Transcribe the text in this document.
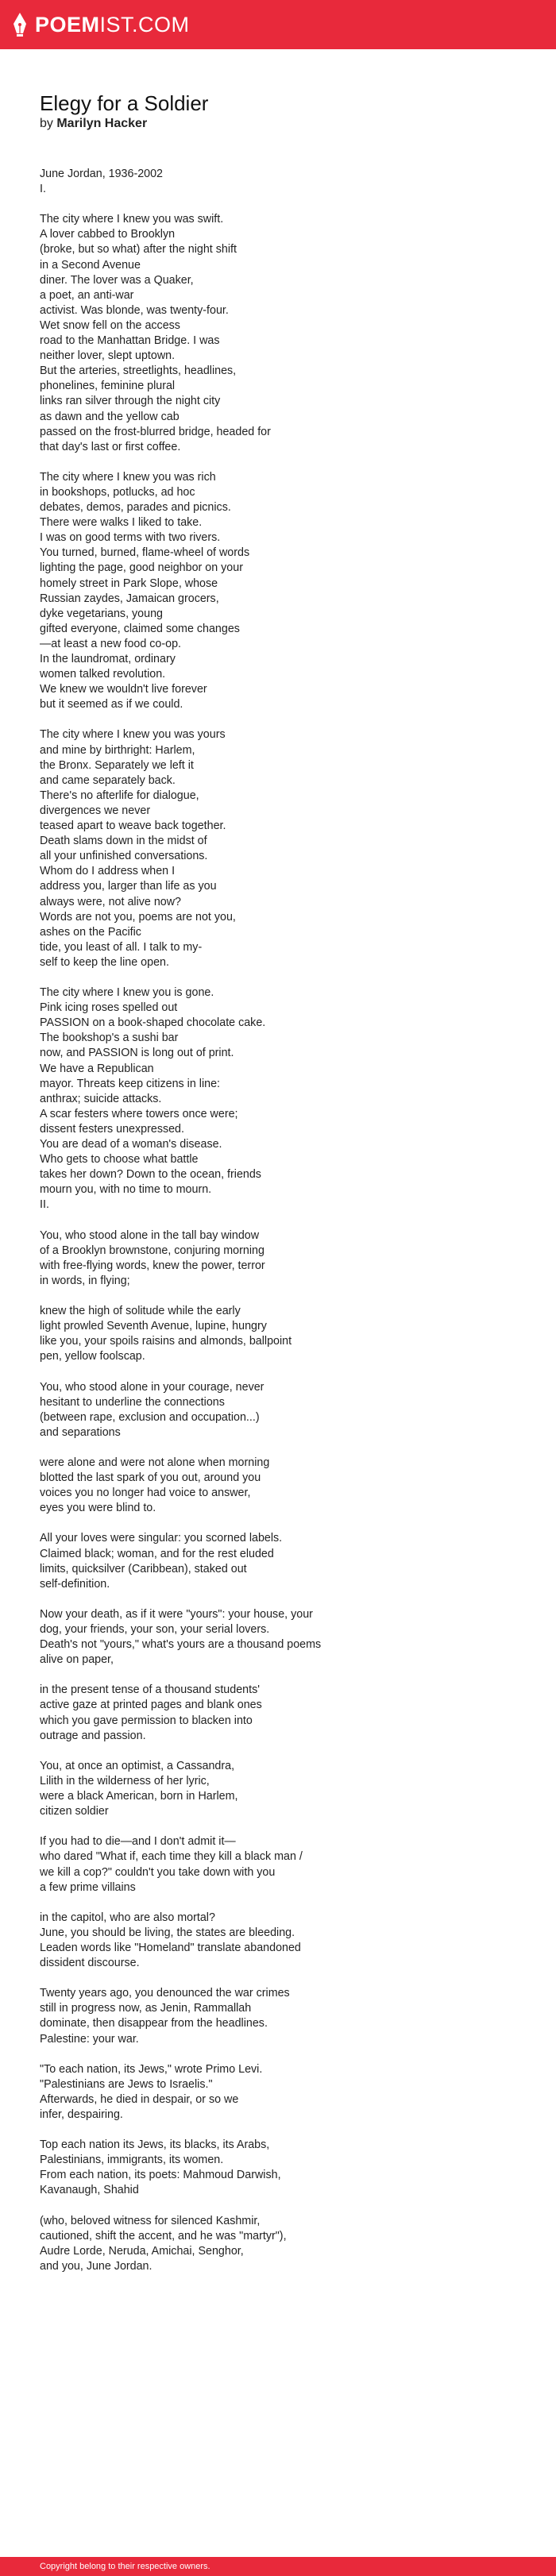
POEMIST.COM
Elegy for a Soldier
by Marilyn Hacker

June Jordan, 1936-2002
I.

The city where I knew you was swift.
A lover cabbed to Brooklyn
(broke, but so what) after the night shift
in a Second Avenue
diner. The lover was a Quaker,
a poet, an anti-war
activist. Was blonde, was twenty-four.
Wet snow fell on the access
road to the Manhattan Bridge. I was
neither lover, slept uptown.
But the arteries, streetlights, headlines,
phonelines, feminine plural
links ran silver through the night city
as dawn and the yellow cab
passed on the frost-blurred bridge, headed for
that day's last or first coffee.

The city where I knew you was rich
in bookshops, potlucks, ad hoc
debates, demos, parades and picnics.
There were walks I liked to take.
I was on good terms with two rivers.
You turned, burned, flame-wheel of words
lighting the page, good neighbor on your
homely street in Park Slope, whose
Russian zaydes, Jamaican grocers,
dyke vegetarians, young
gifted everyone, claimed some changes
—at least a new food co-op.
In the laundromat, ordinary
women talked revolution.
We knew we wouldn't live forever
but it seemed as if we could.

The city where I knew you was yours
and mine by birthright: Harlem,
the Bronx. Separately we left it
and came separately back.
There's no afterlife for dialogue,
divergences we never
teased apart to weave back together.
Death slams down in the midst of
all your unfinished conversations.
Whom do I address when I
address you, larger than life as you
always were, not alive now?
Words are not you, poems are not you,
ashes on the Pacific
tide, you least of all. I talk to my-
self to keep the line open.

The city where I knew you is gone.
Pink icing roses spelled out
PASSION on a book-shaped chocolate cake.
The bookshop's a sushi bar
now, and PASSION is long out of print.
We have a Republican
mayor. Threats keep citizens in line:
anthrax; suicide attacks.
A scar festers where towers once were;
dissent festers unexpressed.
You are dead of a woman's disease.
Who gets to choose what battle
takes her down? Down to the ocean, friends
mourn you, with no time to mourn.
II.

You, who stood alone in the tall bay window
of a Brooklyn brownstone, conjuring morning
with free-flying words, knew the power, terror
in words, in flying;

knew the high of solitude while the early
light prowled Seventh Avenue, lupine, hungry
like you, your spoils raisins and almonds, ballpoint
pen, yellow foolscap.

You, who stood alone in your courage, never
hesitant to underline the connections
(between rape, exclusion and occupation...)
and separations

were alone and were not alone when morning
blotted the last spark of you out, around you
voices you no longer had voice to answer,
eyes you were blind to.

All your loves were singular: you scorned labels.
Claimed black; woman, and for the rest eluded
limits, quicksilver (Caribbean), staked out
self-definition.

Now your death, as if it were "yours": your house, your
dog, your friends, your son, your serial lovers.
Death's not "yours," what's yours are a thousand poems
alive on paper,

in the present tense of a thousand students'
active gaze at printed pages and blank ones
which you gave permission to blacken into
outrage and passion.

You, at once an optimist, a Cassandra,
Lilith in the wilderness of her lyric,
were a black American, born in Harlem,
citizen soldier

If you had to die—and I don't admit it—
who dared "What if, each time they kill a black man /
we kill a cop?" couldn't you take down with you
a few prime villains

in the capitol, who are also mortal?
June, you should be living, the states are bleeding.
Leaden words like "Homeland" translate abandoned
dissident discourse.

Twenty years ago, you denounced the war crimes
still in progress now, as Jenin, Rammallah
dominate, then disappear from the headlines.
Palestine: your war.

"To each nation, its Jews," wrote Primo Levi.
"Palestinians are Jews to Israelis."
Afterwards, he died in despair, or so we
infer, despairing.

Top each nation its Jews, its blacks, its Arabs,
Palestinians, immigrants, its women.
From each nation, its poets: Mahmoud Darwish,
Kavanaugh, Shahid

(who, beloved witness for silenced Kashmir,
cautioned, shift the accent, and he was "martyr"),
Audre Lorde, Neruda, Amichai, Senghor,
and you, June Jordan.

Copyright belong to their respective owners.
